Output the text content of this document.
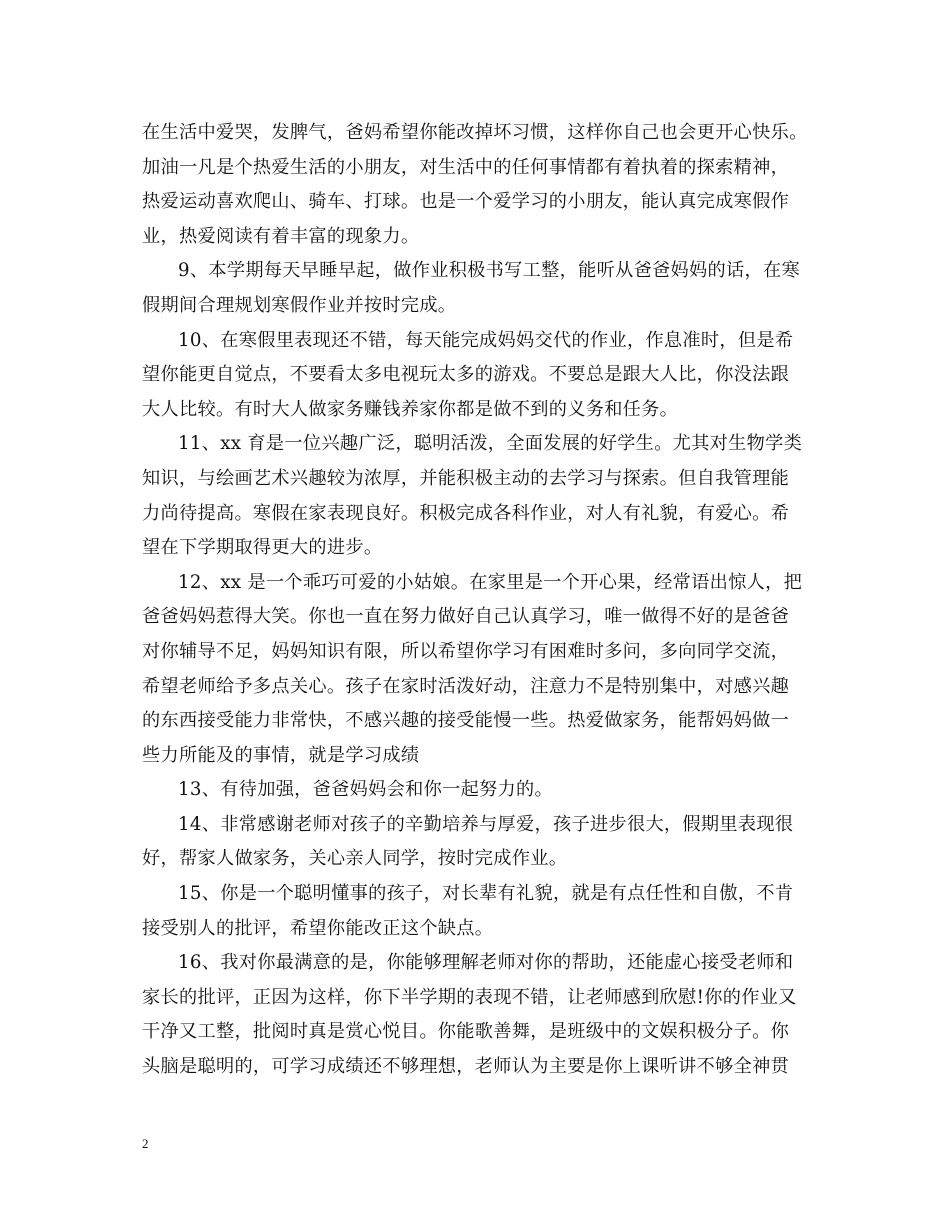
在生活中爱哭，发脾气，爸妈希望你能改掉坏习惯，这样你自己也会更开心快乐。
加油一凡是个热爱生活的小朋友，对生活中的任何事情都有着执着的探索精神，
热爱运动喜欢爬山、骑车、打球。也是一个爱学习的小朋友，能认真完成寒假作
业，热爱阅读有着丰富的现象力。
9、本学期每天早睡早起，做作业积极书写工整，能听从爸爸妈妈的话，在寒
假期间合理规划寒假作业并按时完成。
10、在寒假里表现还不错，每天能完成妈妈交代的作业，作息准时，但是希
望你能更自觉点，不要看太多电视玩太多的游戏。不要总是跟大人比，你没法跟
大人比较。有时大人做家务赚钱养家你都是做不到的义务和任务。
11、xx 育是一位兴趣广泛，聪明活泼，全面发展的好学生。尤其对生物学类
知识，与绘画艺术兴趣较为浓厚，并能积极主动的去学习与探索。但自我管理能
力尚待提高。寒假在家表现良好。积极完成各科作业，对人有礼貌，有爱心。希
望在下学期取得更大的进步。
12、xx 是一个乖巧可爱的小姑娘。在家里是一个开心果，经常语出惊人，把
爸爸妈妈惹得大笑。你也一直在努力做好自己认真学习，唯一做得不好的是爸爸
对你辅导不足，妈妈知识有限，所以希望你学习有困难时多问，多向同学交流，
希望老师给予多点关心。孩子在家时活泼好动，注意力不是特别集中，对感兴趣
的东西接受能力非常快，不感兴趣的接受能慢一些。热爱做家务，能帮妈妈做一
些力所能及的事情，就是学习成绩
13、有待加强，爸爸妈妈会和你一起努力的。
14、非常感谢老师对孩子的辛勤培养与厚爱，孩子进步很大，假期里表现很
好，帮家人做家务，关心亲人同学，按时完成作业。
15、你是一个聪明懂事的孩子，对长辈有礼貌，就是有点任性和自傲，不肯
接受别人的批评，希望你能改正这个缺点。
16、我对你最满意的是，你能够理解老师对你的帮助，还能虚心接受老师和
家长的批评，正因为这样，你下半学期的表现不错，让老师感到欣慰!你的作业又
干净又工整，批阅时真是赏心悦目。你能歌善舞，是班级中的文娱积极分子。你
头脑是聪明的，可学习成绩还不够理想，老师认为主要是你上课听讲不够全神贯
2
